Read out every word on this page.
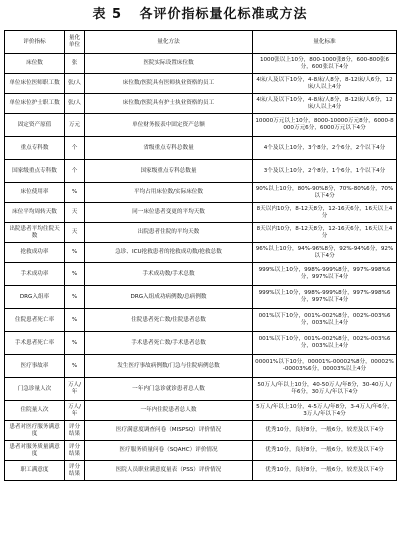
表 5 各评价指标量化标准或方法
评价指标	量化单位	量化方法	量化标准
床位数	张	医院实际设置床位数	1000张以上10分，800-1000张8分，600-800张6分，600张以下4分
单位床位医师职工数	张/人	床位数/医院具有医师执业资格的员工	4床/人及以下10分，4-8床/人8分，8-12床/人6分，12床/人以上4分
单位床位护士职工数	张/人	床位数/医院具有护士执业资格的员工	4床/人及以下10分，4-8床/人8分，8-12床/人6分，12床/人以上4分
固定资产原值	万元	单位财务报表中固定资产总额	10000万元以上10分，8000-10000万元8分，6000-8000万元6分，6000万元以下4分
重点专科数	个	省级重点专科总数量	4个及以上10分，3个8分，2个6分，2个以下4分
国家级重点专科数	个	国家级重点专科总数量	3个及以上10分，2个8分，1个6分，1个以下4分
床位使用率	%	平均占用床位数/实际床位数	90%以上10分，80%-90%8分，70%-80%6分，70%以下4分
床位平均周转天数	天	同一床位患者变更的平均天数	8天以内10分，8-12天8分，12-16天6分，16天以上4分
出院患者平均住院天数	天	出院患者住院的平均天数	8天以内10分，8-12天8分，12-16天6分，16天以上4分
抢救成功率	%	急诊、ICU抢救患者的抢救成功数/抢救总数	96%以上10分，94%-96%8分，92%-94%6分，92%以下4分
手术成功率	%	手术成功数/手术总数	999%以上10分，998%-999%8分，997%-998%6分，997%以下4分
DRG入组率	%	DRG入组成功病例数/总病例数	999%以上10分，998%-999%8分，997%-998%6分，997%以下4分
住院患者死亡率	%	住院患者死亡数/住院患者总数	001%以下10分，001%-002%8分，002%-003%6分，003%以上4分
手术患者死亡率	%	手术患者死亡数/手术患者总数	001%以下10分，001%-002%8分，002%-003%6分，003%以上4分
医疗事故率	%	发生医疗事故病例数/门急与住院病例总数	00001%以下10分，00001%-00002%8分，00002%-00003%6分，00003%以上4分
门急诊量人次	万人/年	一年内门急诊就诊患者总人数	50万人/年以上10分，40-50万人/年8分，30-40万人/年6分，30万人/年以下4分
住院量人次	万人/年	一年内住院患者总人数	5万人/年以上10分，4-5万人/年8分，3-4万人/年6分，3万人/年以下4分
患者对医疗服务满意度	评分结果	医疗满意度调查问卷（MISPSQ）评价情况	优秀10分，良好8分，一般6分，较差及以下4分
患者对服务质量满意度	评分结果	医疗服务质量问卷（SQAHC）评价情况	优秀10分，良好8分，一般6分，较差及以下4分
职工满意度	评分结果	医院人员职业满意度量表（PSS）评价情况	优秀10分，良好8分，一般6分，较差及以下4分
